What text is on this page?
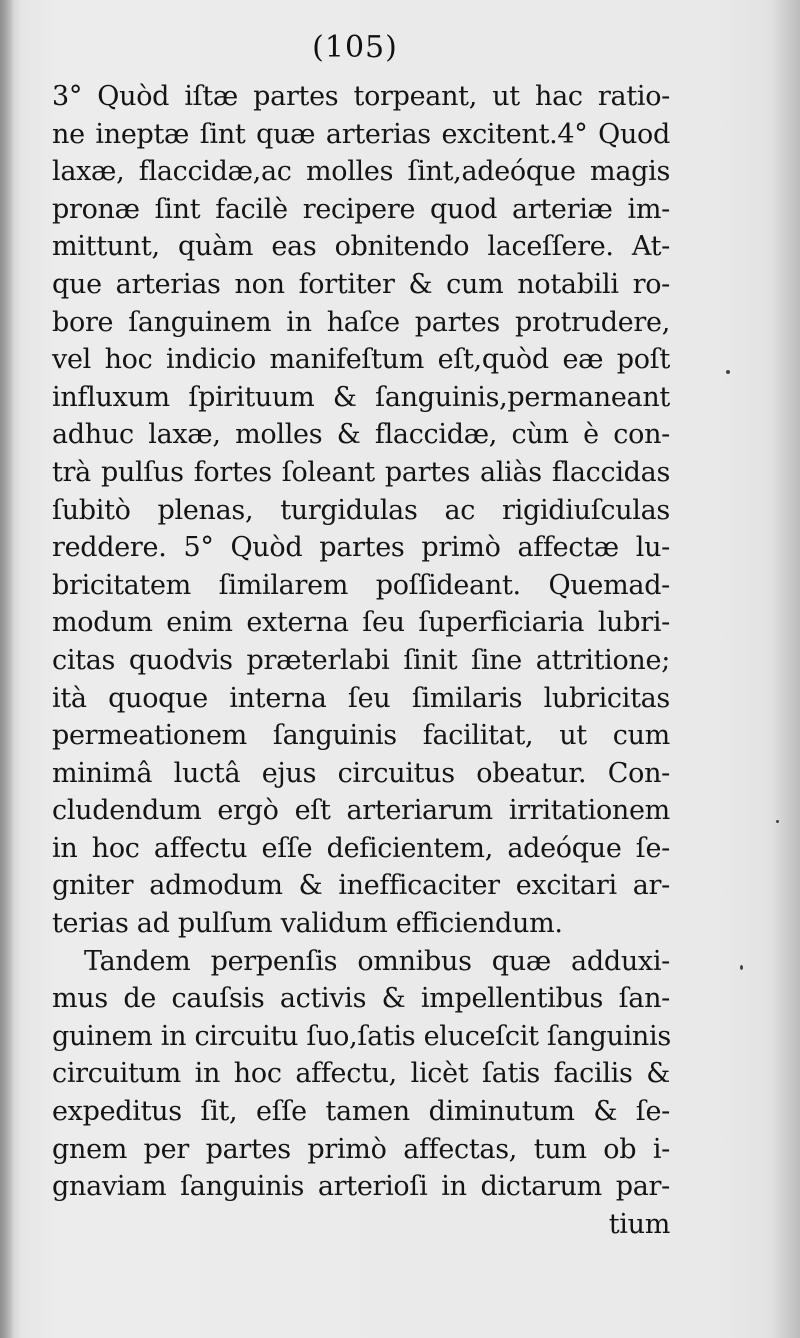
(105)
3° Quòd iſtæ partes torpeant, ut hac ratio-
ne ineptæ ſint quæ arterias excitent.4° Quod
laxæ, flaccidæ,ac molles ſint,adeóque magis
pronæ ſint facilè recipere quod arteriæ im-
mittunt, quàm eas obnitendo laceſſere. At-
que arterias non fortiter & cum notabili ro-
bore ſanguinem in haſce partes protrudere,
vel hoc indicio manifeſtum eſt,quòd eæ poſt
influxum ſpirituum & ſanguinis,permaneant
adhuc laxæ, molles & flaccidæ, cùm è con-
trà pulſus fortes ſoleant partes aliàs flaccidas
ſubitò plenas, turgidulas ac rigidiuſculas
reddere. 5° Quòd partes primò affectæ lu-
bricitatem ſimilarem poſſideant. Quemad-
modum enim externa ſeu ſuperficiaria lubri-
citas quodvis præterlabi ſinit ſine attritione;
ità quoque interna ſeu ſimilaris lubricitas
permeationem ſanguinis facilitat, ut cum
minimâ luctâ ejus circuitus obeatur. Con-
cludendum ergò eſt arteriarum irritationem
in hoc affectu eſſe deficientem, adeóque ſe-
gniter admodum & inefficaciter excitari ar-
terias ad pulſum validum efficiendum.
Tandem perpenſis omnibus quæ adduxi-
mus de cauſsis activis & impellentibus ſan-
guinem in circuitu ſuo,ſatis eluceſcit ſanguinis
circuitum in hoc affectu, licèt ſatis facilis &
expeditus ſit, eſſe tamen diminutum & ſe-
gnem per partes primò affectas, tum ob i-
gnaviam ſanguinis arterioſi in dictarum par-
tium
